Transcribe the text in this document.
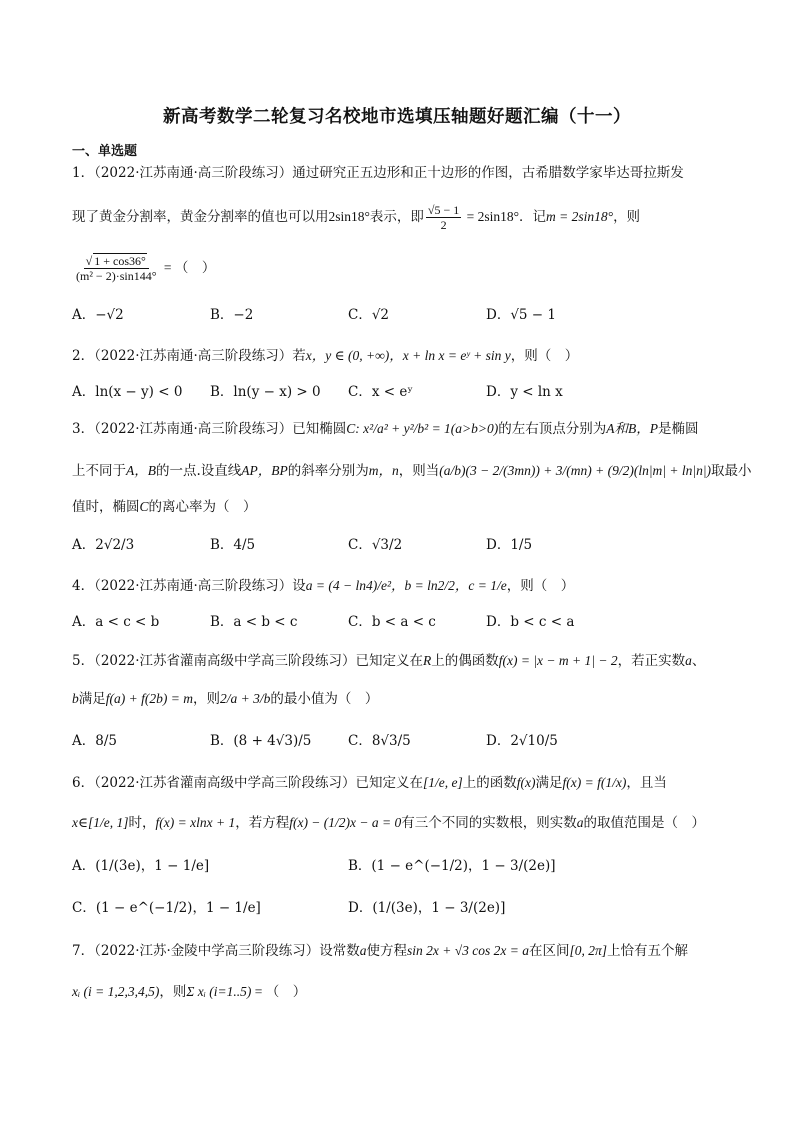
新高考数学二轮复习名校地市选填压轴题好题汇编（十一）
一、单选题
1．（2022·江苏南通·高三阶段练习）通过研究正五边形和正十边形的作图，古希腊数学家毕达哥拉斯发
现了黄金分割率，黄金分割率的值也可以用2sin18°表示，即 $\frac{√5 - 1}{2} = 2\sin 18^\circ$．记m = 2sin18°，则
√ $\frac{1 + \cos 36^\circ}{\text{(m² − 2)·sin144°}}$ = （　）
A．−√2	B．−2	C．√2	D．√5 − 1
2．（2022·江苏南通·高三阶段练习）若x，y ∈ (0, +∞)，x + ln x = eʸ + sin y，则（　）
A．ln(x − y) < 0 B．ln(y − x) > 0 C．x < eʸ	D．y < ln x
3．（2022·江苏南通·高三阶段练习）已知椭圆C: x²/a² + y²/b² = 1(a>b>0)的左右顶点分别为A和B，P是椭圆
上不同于A，B的一点.设直线AP，BP的斜率分别为m，n，则当(a/b)(3 − 2/(3mn)) + 3/(mn) + (9/2)(ln|m| + ln|n|)取最小
值时，椭圆C的离心率为（　）
A．2√2/3	B．4/5	C．√3/2	D．1/5
4．（2022·江苏南通·高三阶段练习）设a = (4 − ln4)/e²，b = ln2/2，c = 1/e，则（　）
A．a < c < b	B．a < b < c	C．b < a < c	D．b < c < a
5．（2022·江苏省灌南高级中学高三阶段练习）已知定义在R上的偶函数f(x) = |x − m + 1| − 2，若正实数a、
b满足f(a) + f(2b) = m，则2/a + 3/b的最小值为（　）
A．8/5	B．(8 + 4√3)/5	C．8√3/5	D．2√10/5
6．（2022·江苏省灌南高级中学高三阶段练习）已知定义在[1/e, e]上的函数f(x)满足f(x) = f(1/x)，且当
x∈[1/e, 1]时，f(x) = xlnx + 1，若方程f(x) − (1/2)x − a = 0有三个不同的实数根，则实数a的取值范围是（　）
A．(1/(3e)，1 − 1/e]	B．(1 − e^(−1/2)，1 − 3/(2e)]
C．(1 − e^(−1/2)，1 − 1/e]	D．(1/(3e)，1 − 3/(2e)]
7．（2022·江苏·金陵中学高三阶段练习）设常数a使方程sin 2x + √3 cos 2x = a在区间[0, 2π]上恰有五个解
xᵢ (i = 1,2,3,4,5)，则Σ xᵢ (i=1..5) = （　）
